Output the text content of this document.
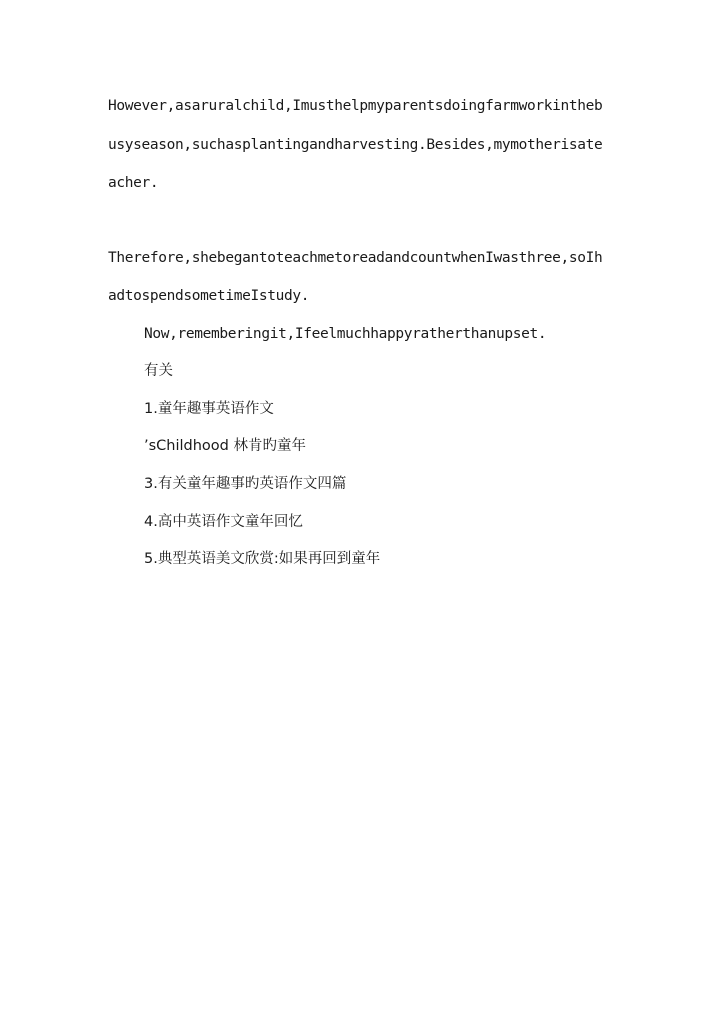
However,asaruralchild,Imusthelpmyparentsdoingfarmworkintheb
usyseason,suchasplantingandharvesting.Besides,mymotherisate
acher.
Therefore,shebegantoteachmetoreadandcountwhenIwasthree,soIh
adtospendsometimeIstudy.
Now,rememberingit,Ifeelmuchhappyratherthanupset.
有关
1.童年趣事英语作文
’sChildhood 林肯旳童年
3.有关童年趣事旳英语作文四篇
4.高中英语作文童年回忆
5.典型英语美文欣赏:如果再回到童年
